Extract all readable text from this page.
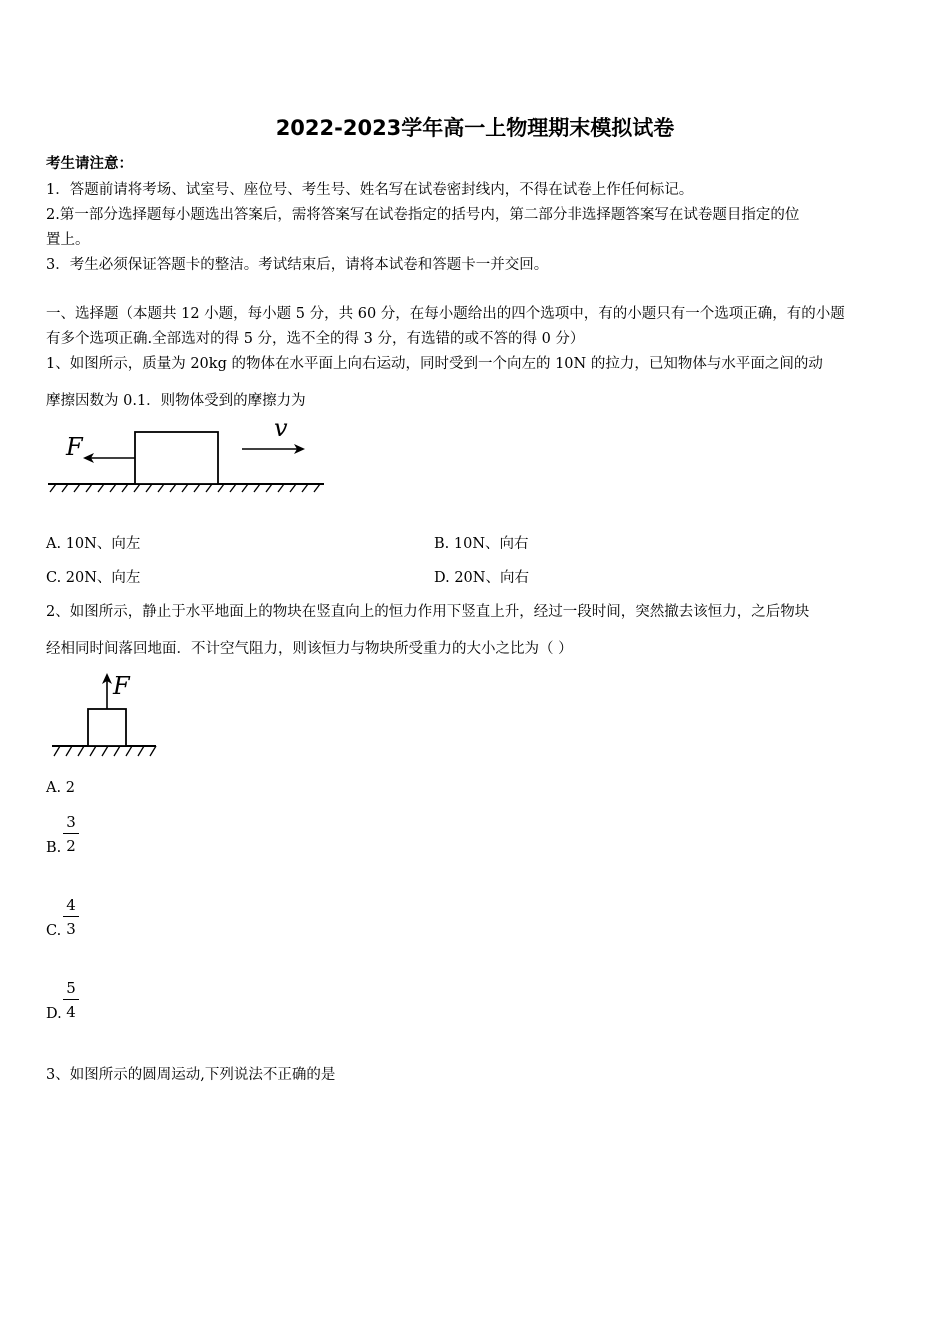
2022-2023学年高一上物理期末模拟试卷
考生请注意：
1．答题前请将考场、试室号、座位号、考生号、姓名写在试卷密封线内，不得在试卷上作任何标记。
2.第一部分选择题每小题选出答案后，需将答案写在试卷指定的括号内，第二部分非选择题答案写在试卷题目指定的位
置上。
3．考生必须保证答题卡的整洁。考试结束后，请将本试卷和答题卡一并交回。
一、选择题（本题共 12 小题，每小题 5 分，共 60 分，在每小题给出的四个选项中，有的小题只有一个选项正确，有的小题
有多个选项正确.全部选对的得 5 分，选不全的得 3 分，有选错的或不答的得 0 分）
1、如图所示，质量为 20kg 的物体在水平面上向右运动，同时受到一个向左的 10N 的拉力，已知物体与水平面之间的动
摩擦因数为 0.1．则物体受到的摩擦力为
F
v
A. 10N、向左	B. 10N、向右
C. 20N、向左	D. 20N、向右
2、如图所示，静止于水平地面上的物块在竖直向上的恒力作用下竖直上升，经过一段时间，突然撤去该恒力，之后物块
经相同时间落回地面．不计空气阻力，则该恒力与物块所受重力的大小之比为（ ）
F
A. 2
B.
3
2
C.
4
3
D.
5
4
3、如图所示的圆周运动,下列说法不正确的是
